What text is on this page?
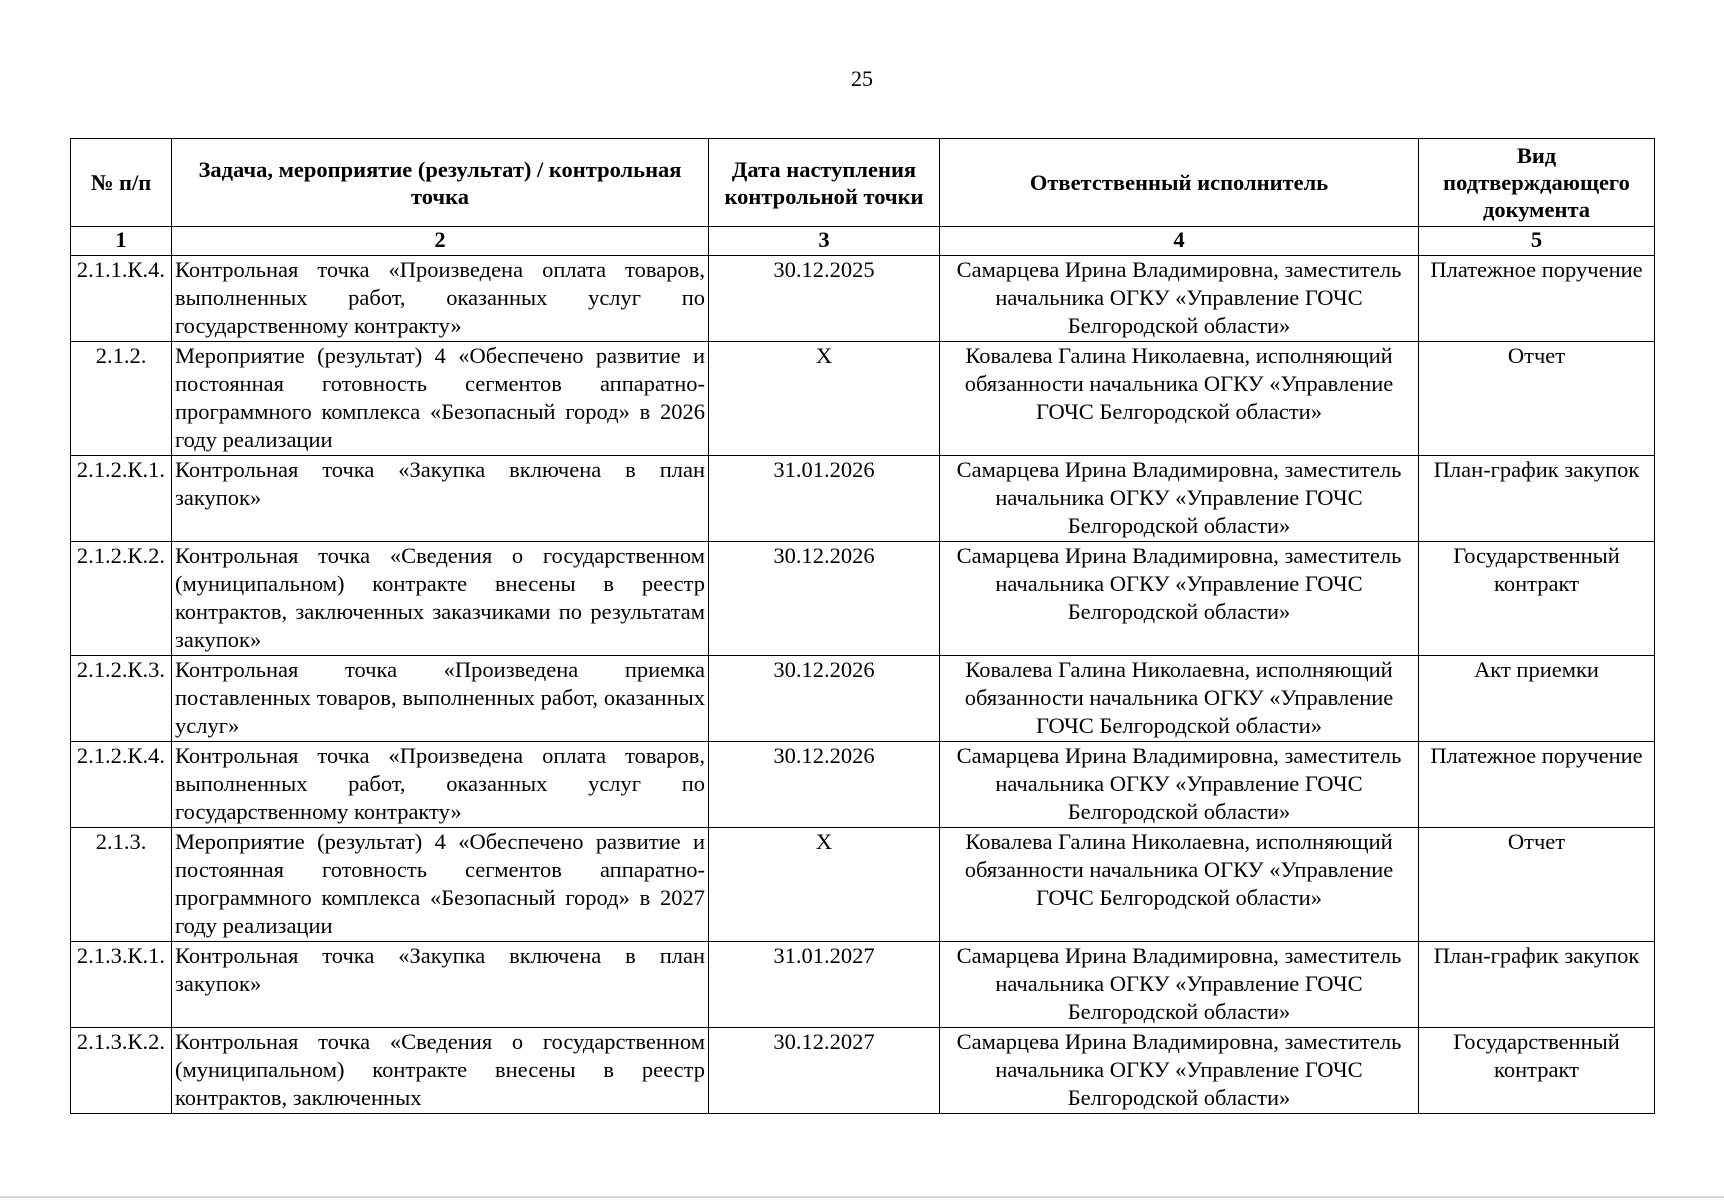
25
№ п/п	Задача, мероприятие (результат) / контрольная точка	Дата наступления контрольной точки	Ответственный исполнитель	Вид подтверждающего документа
1	2	3	4	5
2.1.1.К.4.	Контрольная точка «Произведена оплата товаров, выполненных работ, оказанных услуг по государственному контракту»	30.12.2025	Самарцева Ирина Владимировна, заместитель начальника ОГКУ «Управление ГОЧС Белгородской области»	Платежное поручение
2.1.2.	Мероприятие (результат) 4 «Обеспечено развитие и постоянная готовность сегментов аппаратно-программного комплекса «Безопасный город» в 2026 году реализации	Х	Ковалева Галина Николаевна, исполняющий обязанности начальника ОГКУ «Управление ГОЧС Белгородской области»	Отчет
2.1.2.К.1.	Контрольная точка «Закупка включена в план закупок»	31.01.2026	Самарцева Ирина Владимировна, заместитель начальника ОГКУ «Управление ГОЧС Белгородской области»	План-график закупок
2.1.2.К.2.	Контрольная точка «Сведения о государственном (муниципальном) контракте внесены в реестр контрактов, заключенных заказчиками по результатам закупок»	30.12.2026	Самарцева Ирина Владимировна, заместитель начальника ОГКУ «Управление ГОЧС Белгородской области»	Государственный контракт
2.1.2.К.3.	Контрольная точка «Произведена приемка поставленных товаров, выполненных работ, оказанных услуг»	30.12.2026	Ковалева Галина Николаевна, исполняющий обязанности начальника ОГКУ «Управление ГОЧС Белгородской области»	Акт приемки
2.1.2.К.4.	Контрольная точка «Произведена оплата товаров, выполненных работ, оказанных услуг по государственному контракту»	30.12.2026	Самарцева Ирина Владимировна, заместитель начальника ОГКУ «Управление ГОЧС Белгородской области»	Платежное поручение
2.1.3.	Мероприятие (результат) 4 «Обеспечено развитие и постоянная готовность сегментов аппаратно-программного комплекса «Безопасный город» в 2027 году реализации	Х	Ковалева Галина Николаевна, исполняющий обязанности начальника ОГКУ «Управление ГОЧС Белгородской области»	Отчет
2.1.3.К.1.	Контрольная точка «Закупка включена в план закупок»	31.01.2027	Самарцева Ирина Владимировна, заместитель начальника ОГКУ «Управление ГОЧС Белгородской области»	План-график закупок
2.1.3.К.2.	Контрольная точка «Сведения о государственном (муниципальном) контракте внесены в реестр контрактов, заключенных	30.12.2027	Самарцева Ирина Владимировна, заместитель начальника ОГКУ «Управление ГОЧС Белгородской области»	Государственный контракт
